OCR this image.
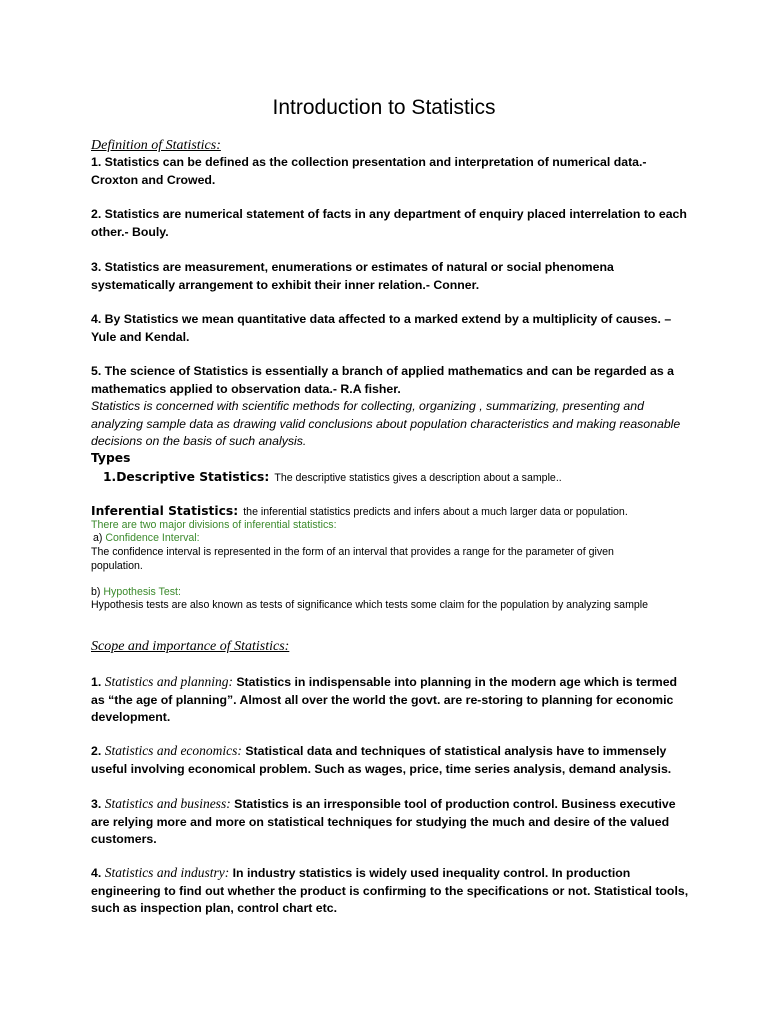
Introduction to Statistics
Definition of Statistics:
1. Statistics can be defined as the collection presentation and interpretation of numerical data.- Croxton and Crowed.
2. Statistics are numerical statement of facts in any department of enquiry placed interrelation to each other.- Bouly.
3. Statistics are measurement, enumerations or estimates of natural or social phenomena systematically arrangement to exhibit their inner relation.- Conner.
4. By Statistics we mean quantitative data affected to a marked extend by a multiplicity of causes. – Yule and Kendal.
5. The science of Statistics is essentially a branch of applied mathematics and can be regarded as a mathematics applied to observation data.- R.A fisher.
Statistics is concerned with scientific methods for collecting, organizing , summarizing, presenting and analyzing sample data as drawing valid conclusions about population characteristics and making reasonable decisions on the basis of such analysis.
Types
1.Descriptive Statistics: The descriptive statistics gives a description about a sample..
Inferential Statistics: the inferential statistics predicts and infers about a much larger data or population.
There are two major divisions of inferential statistics:
a) Confidence Interval:
The confidence interval is represented in the form of an interval that provides a range for the parameter of given population.
b) Hypothesis Test:
Hypothesis tests are also known as tests of significance which tests some claim for the population by analyzing sample
Scope and importance of Statistics:
1. Statistics and planning: Statistics in indispensable into planning in the modern age which is termed as “the age of planning”. Almost all over the world the govt. are re-storing to planning for economic development.
2. Statistics and economics: Statistical data and techniques of statistical analysis have to immensely useful involving economical problem. Such as wages, price, time series analysis, demand analysis.
3. Statistics and business: Statistics is an irresponsible tool of production control. Business executive are relying more and more on statistical techniques for studying the much and desire of the valued customers.
4. Statistics and industry: In industry statistics is widely used inequality control. In production engineering to find out whether the product is confirming to the specifications or not. Statistical tools, such as inspection plan, control chart etc.
